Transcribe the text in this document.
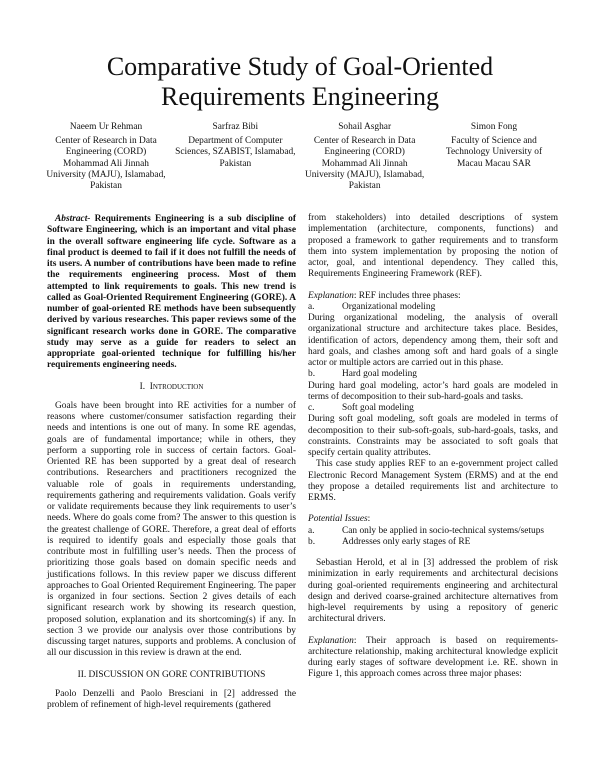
Comparative Study of Goal-Oriented Requirements Engineering
Naeem Ur Rehman
Center of Research in Data Engineering (CORD) Mohammad Ali Jinnah University (MAJU), Islamabad, Pakistan
Sarfraz Bibi
Department of Computer Sciences, SZABIST, Islamabad, Pakistan
Sohail Asghar
Center of Research in Data Engineering (CORD) Mohammad Ali Jinnah University (MAJU), Islamabad, Pakistan
Simon Fong
Faculty of Science and Technology University of Macau Macau SAR

Abstract- Requirements Engineering is a sub discipline of Software Engineering, which is an important and vital phase in the overall software engineering life cycle. Software as a final product is deemed to fail if it does not fulfill the needs of its users. A number of contributions have been made to refine the requirements engineering process. Most of them attempted to link requirements to goals. This new trend is called as Goal-Oriented Requirement Engineering (GORE). A number of goal-oriented RE methods have been subsequently derived by various researches. This paper reviews some of the significant research works done in GORE. The comparative study may serve as a guide for readers to select an appropriate goal-oriented technique for fulfilling his/her requirements engineering needs.

I. Introduction

Goals have been brought into RE activities for a number of reasons where customer/consumer satisfaction regarding their needs and intentions is one out of many. In some RE agendas, goals are of fundamental importance; while in others, they perform a supporting role in success of certain factors. Goal-Oriented RE has been supported by a great deal of research contributions. Researchers and practitioners recognized the valuable role of goals in requirements understanding, requirements gathering and requirements validation. Goals verify or validate requirements because they link requirements to user’s needs. Where do goals come from? The answer to this question is the greatest challenge of GORE. Therefore, a great deal of efforts is required to identify goals and especially those goals that contribute most in fulfilling user’s needs. Then the process of prioritizing those goals based on domain specific needs and justifications follows. In this review paper we discuss different approaches to Goal Oriented Requirement Engineering. The paper is organized in four sections. Section 2 gives details of each significant research work by showing its research question, proposed solution, explanation and its shortcoming(s) if any. In section 3 we provide our analysis over those contributions by discussing target natures, supports and problems. A conclusion of all our discussion in this review is drawn at the end.

II. DISCUSSION ON GORE CONTRIBUTIONS

Paolo Denzelli and Paolo Bresciani in [2] addressed the problem of refinement of high-level requirements (gathered

from stakeholders) into detailed descriptions of system implementation (architecture, components, functions) and proposed a framework to gather requirements and to transform them into system implementation by proposing the notion of actor, goal, and intentional dependency. They called this, Requirements Engineering Framework (REF).

Explanation: REF includes three phases:

a.	Organizational modeling

During organizational modeling, the analysis of overall organizational structure and architecture takes place. Besides, identification of actors, dependency among them, their soft and hard goals, and clashes among soft and hard goals of a single actor or multiple actors are carried out in this phase.

b.	Hard goal modeling

During hard goal modeling, actor’s hard goals are modeled in terms of decomposition to their sub-hard-goals and tasks.

c.	Soft goal modeling

During soft goal modeling, soft goals are modeled in terms of decomposition to their sub-soft-goals, sub-hard-goals, tasks, and constraints. Constraints may be associated to soft goals that specify certain quality attributes.

This case study applies REF to an e-government project called Electronic Record Management System (ERMS) and at the end they propose a detailed requirements list and architecture to ERMS.

Potential Issues:

a.	Can only be applied in socio-technical systems/setups
b.	Addresses only early stages of RE

Sebastian Herold, et al in [3] addressed the problem of risk minimization in early requirements and architectural decisions during goal-oriented requirements engineering and architectural design and derived coarse-grained architecture alternatives from high-level requirements by using a repository of generic architectural drivers.

Explanation: Their approach is based on requirements-architecture relationship, making architectural knowledge explicit during early stages of software development i.e. RE. shown in Figure 1, this approach comes across three major phases:
